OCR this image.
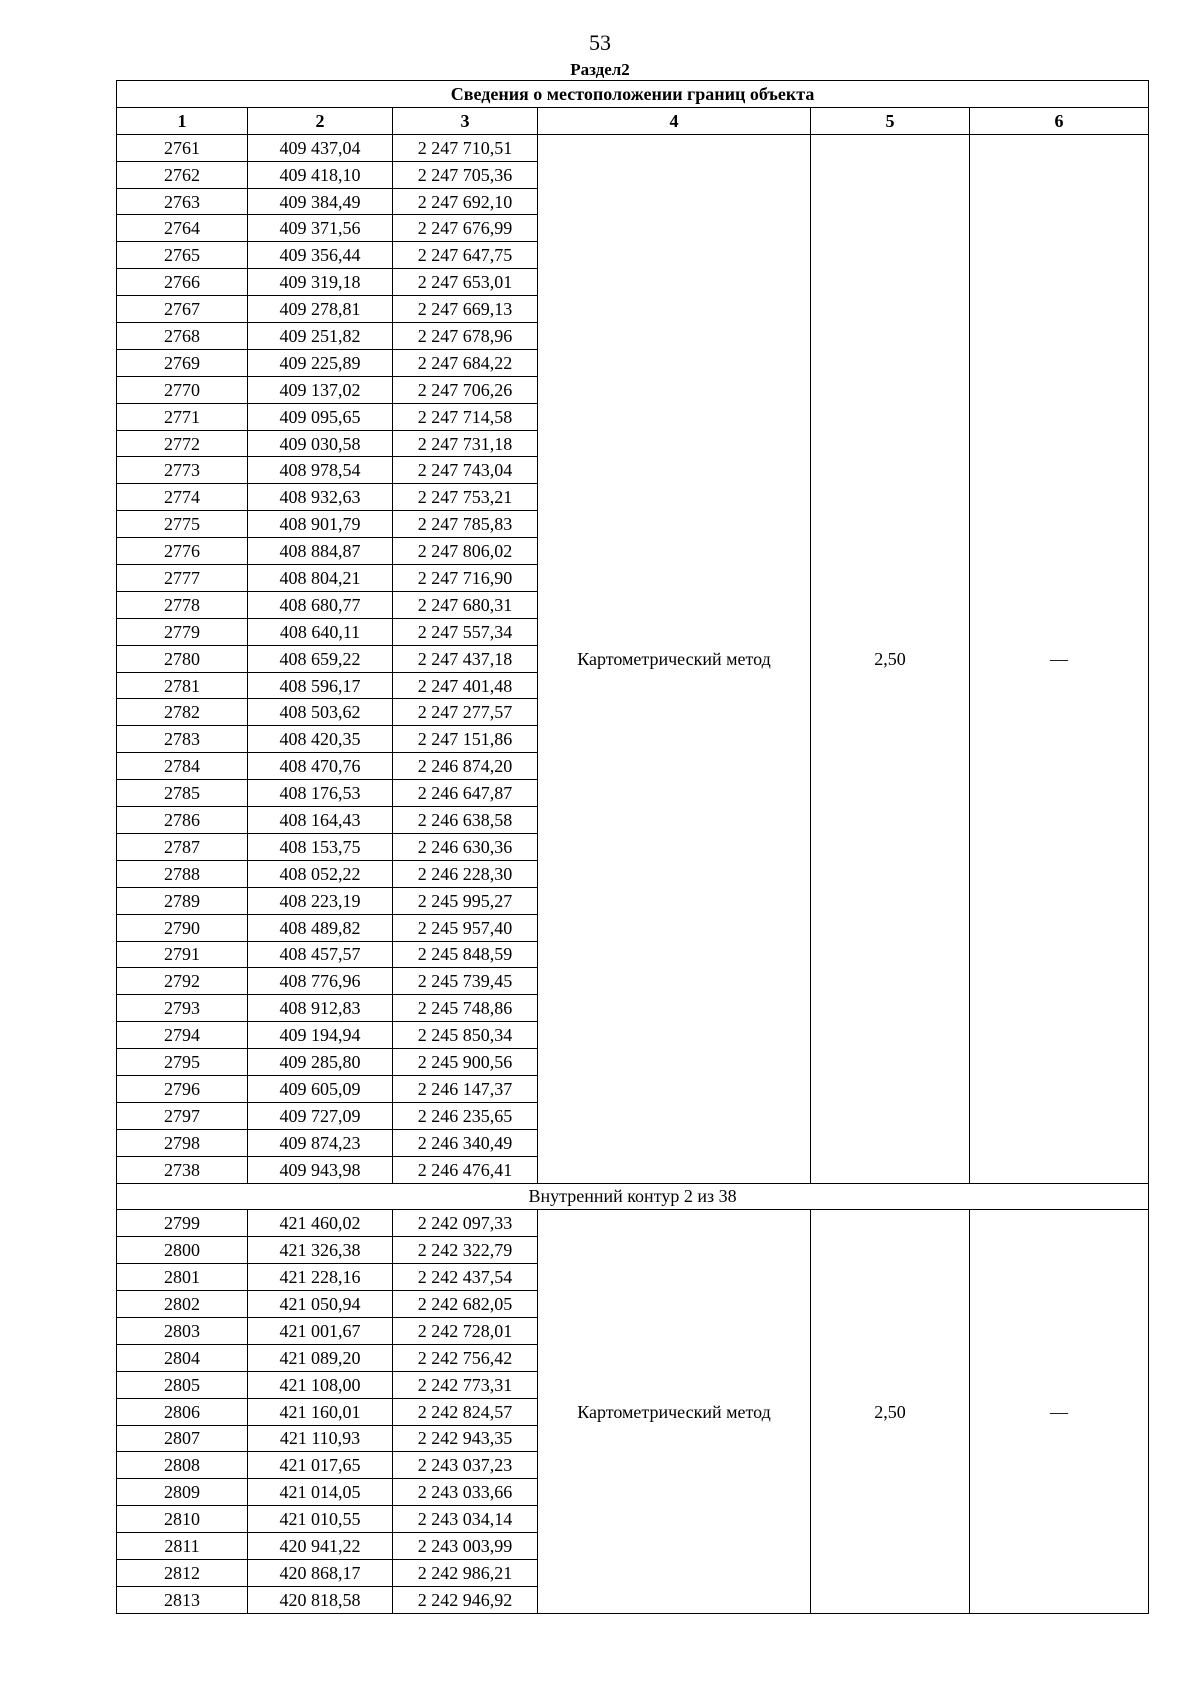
53
Раздел2
Сведения о местоположении границ объекта					
1	2	3	4	5	6
2761	409 437,04	2 247 710,51	Картометрический метод	2,50	—
2762	409 418,10	2 247 705,36			
2763	409 384,49	2 247 692,10			
2764	409 371,56	2 247 676,99			
2765	409 356,44	2 247 647,75			
2766	409 319,18	2 247 653,01			
2767	409 278,81	2 247 669,13			
2768	409 251,82	2 247 678,96			
2769	409 225,89	2 247 684,22			
2770	409 137,02	2 247 706,26			
2771	409 095,65	2 247 714,58			
2772	409 030,58	2 247 731,18			
2773	408 978,54	2 247 743,04			
2774	408 932,63	2 247 753,21			
2775	408 901,79	2 247 785,83			
2776	408 884,87	2 247 806,02			
2777	408 804,21	2 247 716,90			
2778	408 680,77	2 247 680,31			
2779	408 640,11	2 247 557,34			
2780	408 659,22	2 247 437,18			
2781	408 596,17	2 247 401,48			
2782	408 503,62	2 247 277,57			
2783	408 420,35	2 247 151,86			
2784	408 470,76	2 246 874,20			
2785	408 176,53	2 246 647,87			
2786	408 164,43	2 246 638,58			
2787	408 153,75	2 246 630,36			
2788	408 052,22	2 246 228,30			
2789	408 223,19	2 245 995,27			
2790	408 489,82	2 245 957,40			
2791	408 457,57	2 245 848,59			
2792	408 776,96	2 245 739,45			
2793	408 912,83	2 245 748,86			
2794	409 194,94	2 245 850,34			
2795	409 285,80	2 245 900,56			
2796	409 605,09	2 246 147,37			
2797	409 727,09	2 246 235,65			
2798	409 874,23	2 246 340,49			
2738	409 943,98	2 246 476,41			
Внутренний контур 2 из 38					
2799	421 460,02	2 242 097,33	Картометрический метод	2,50	—
2800	421 326,38	2 242 322,79			
2801	421 228,16	2 242 437,54			
2802	421 050,94	2 242 682,05			
2803	421 001,67	2 242 728,01			
2804	421 089,20	2 242 756,42			
2805	421 108,00	2 242 773,31			
2806	421 160,01	2 242 824,57			
2807	421 110,93	2 242 943,35			
2808	421 017,65	2 243 037,23			
2809	421 014,05	2 243 033,66			
2810	421 010,55	2 243 034,14			
2811	420 941,22	2 243 003,99			
2812	420 868,17	2 242 986,21			
2813	420 818,58	2 242 946,92			
